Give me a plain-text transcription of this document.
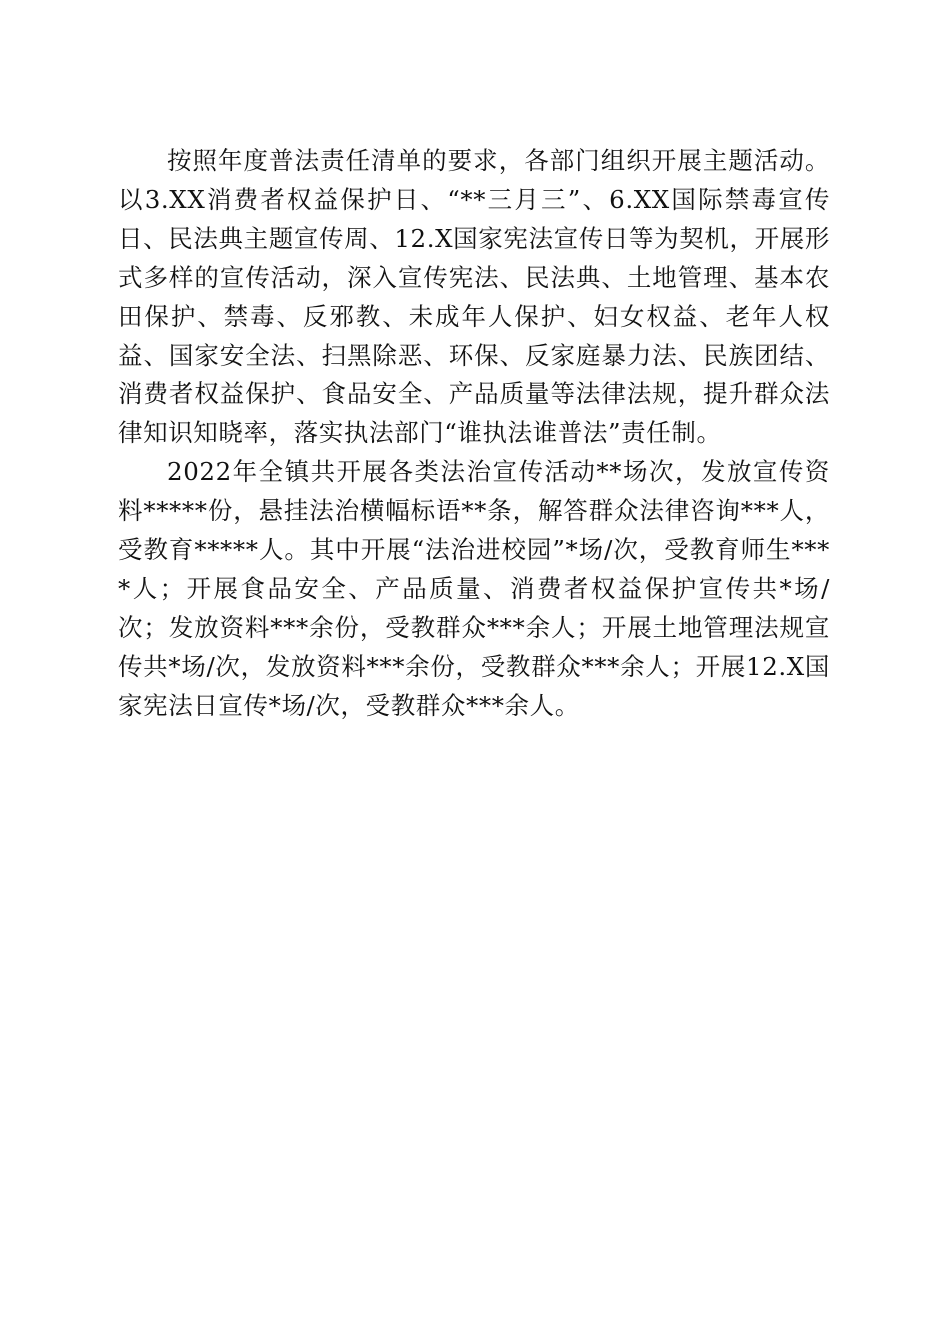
按照年度普法责任清单的要求，各部门组织开展主题活动。以3.XX消费者权益保护日、“**三月三”、6.XX国际禁毒宣传日、民法典主题宣传周、12.X国家宪法宣传日等为契机，开展形式多样的宣传活动，深入宣传宪法、民法典、土地管理、基本农田保护、禁毒、反邪教、未成年人保护、妇女权益、老年人权益、国家安全法、扫黑除恶、环保、反家庭暴力法、民族团结、消费者权益保护、食品安全、产品质量等法律法规，提升群众法律知识知晓率，落实执法部门“谁执法谁普法”责任制。

2022年全镇共开展各类法治宣传活动**场次，发放宣传资料*****份，悬挂法治横幅标语**条，解答群众法律咨询***人，受教育*****人。其中开展“法治进校园”*场/次，受教育师生****人；开展食品安全、产品质量、消费者权益保护宣传共*场/次；发放资料***余份，受教群众***余人；开展土地管理法规宣传共*场/次，发放资料***余份，受教群众***余人；开展12.X国家宪法日宣传*场/次，受教群众***余人。
